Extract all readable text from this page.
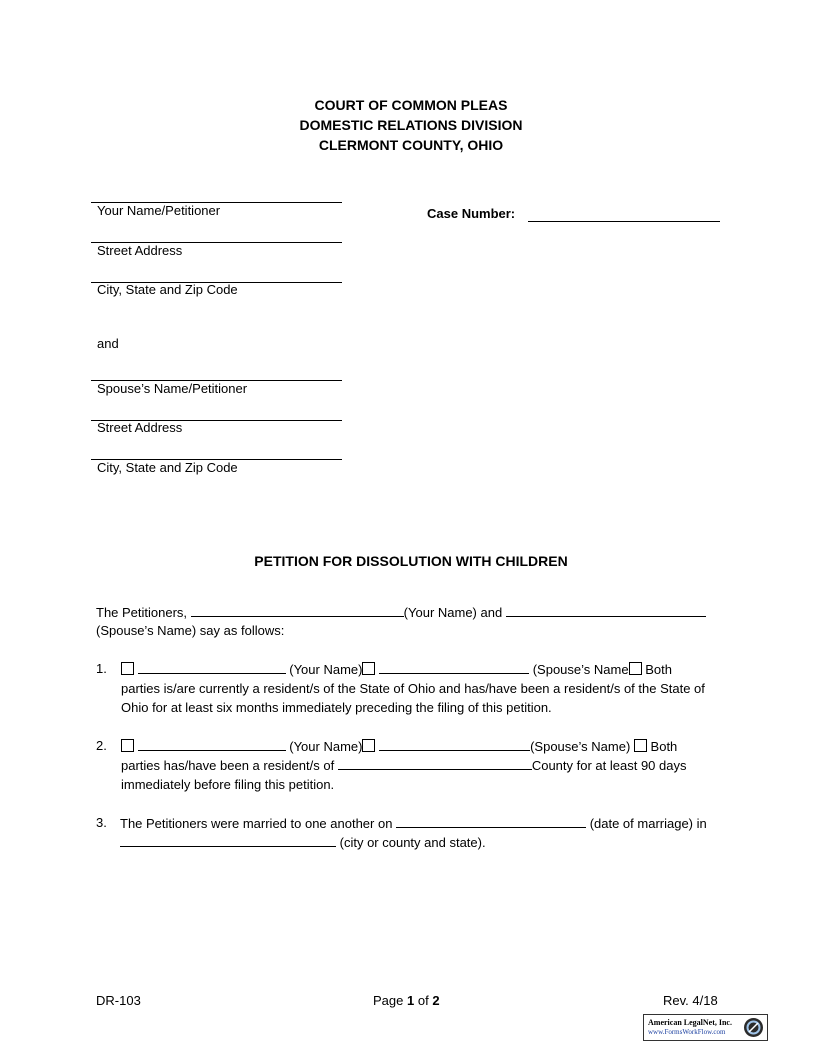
COURT OF COMMON PLEAS
DOMESTIC RELATIONS DIVISION
CLERMONT COUNTY, OHIO
Your Name/Petitioner
Street Address
City, State and Zip Code
and
Spouse’s Name/Petitioner
Street Address
City, State and Zip Code
Case Number:
PETITION FOR DISSOLUTION WITH CHILDREN
The Petitioners,	(Your Name) and
(Spouse’s Name) say as follows:
1.	(Your Name)	(Spouse’s Name Both
parties is/are currently a resident/s of the State of Ohio and has/have been a resident/s of the State of
Ohio for at least six months immediately preceding the filing of this petition.
2.	(Your Name)	(Spouse’s Name) Both
parties has/have been a resident/s of	County for at least 90 days
immediately before filing this petition.
3. The Petitioners were married to one another on	(date of marriage) in
(city or county and state).
DR-103	Page 1 of 2	Rev. 4/18
American LegalNet, Inc.
www.FormsWorkFlow.com
